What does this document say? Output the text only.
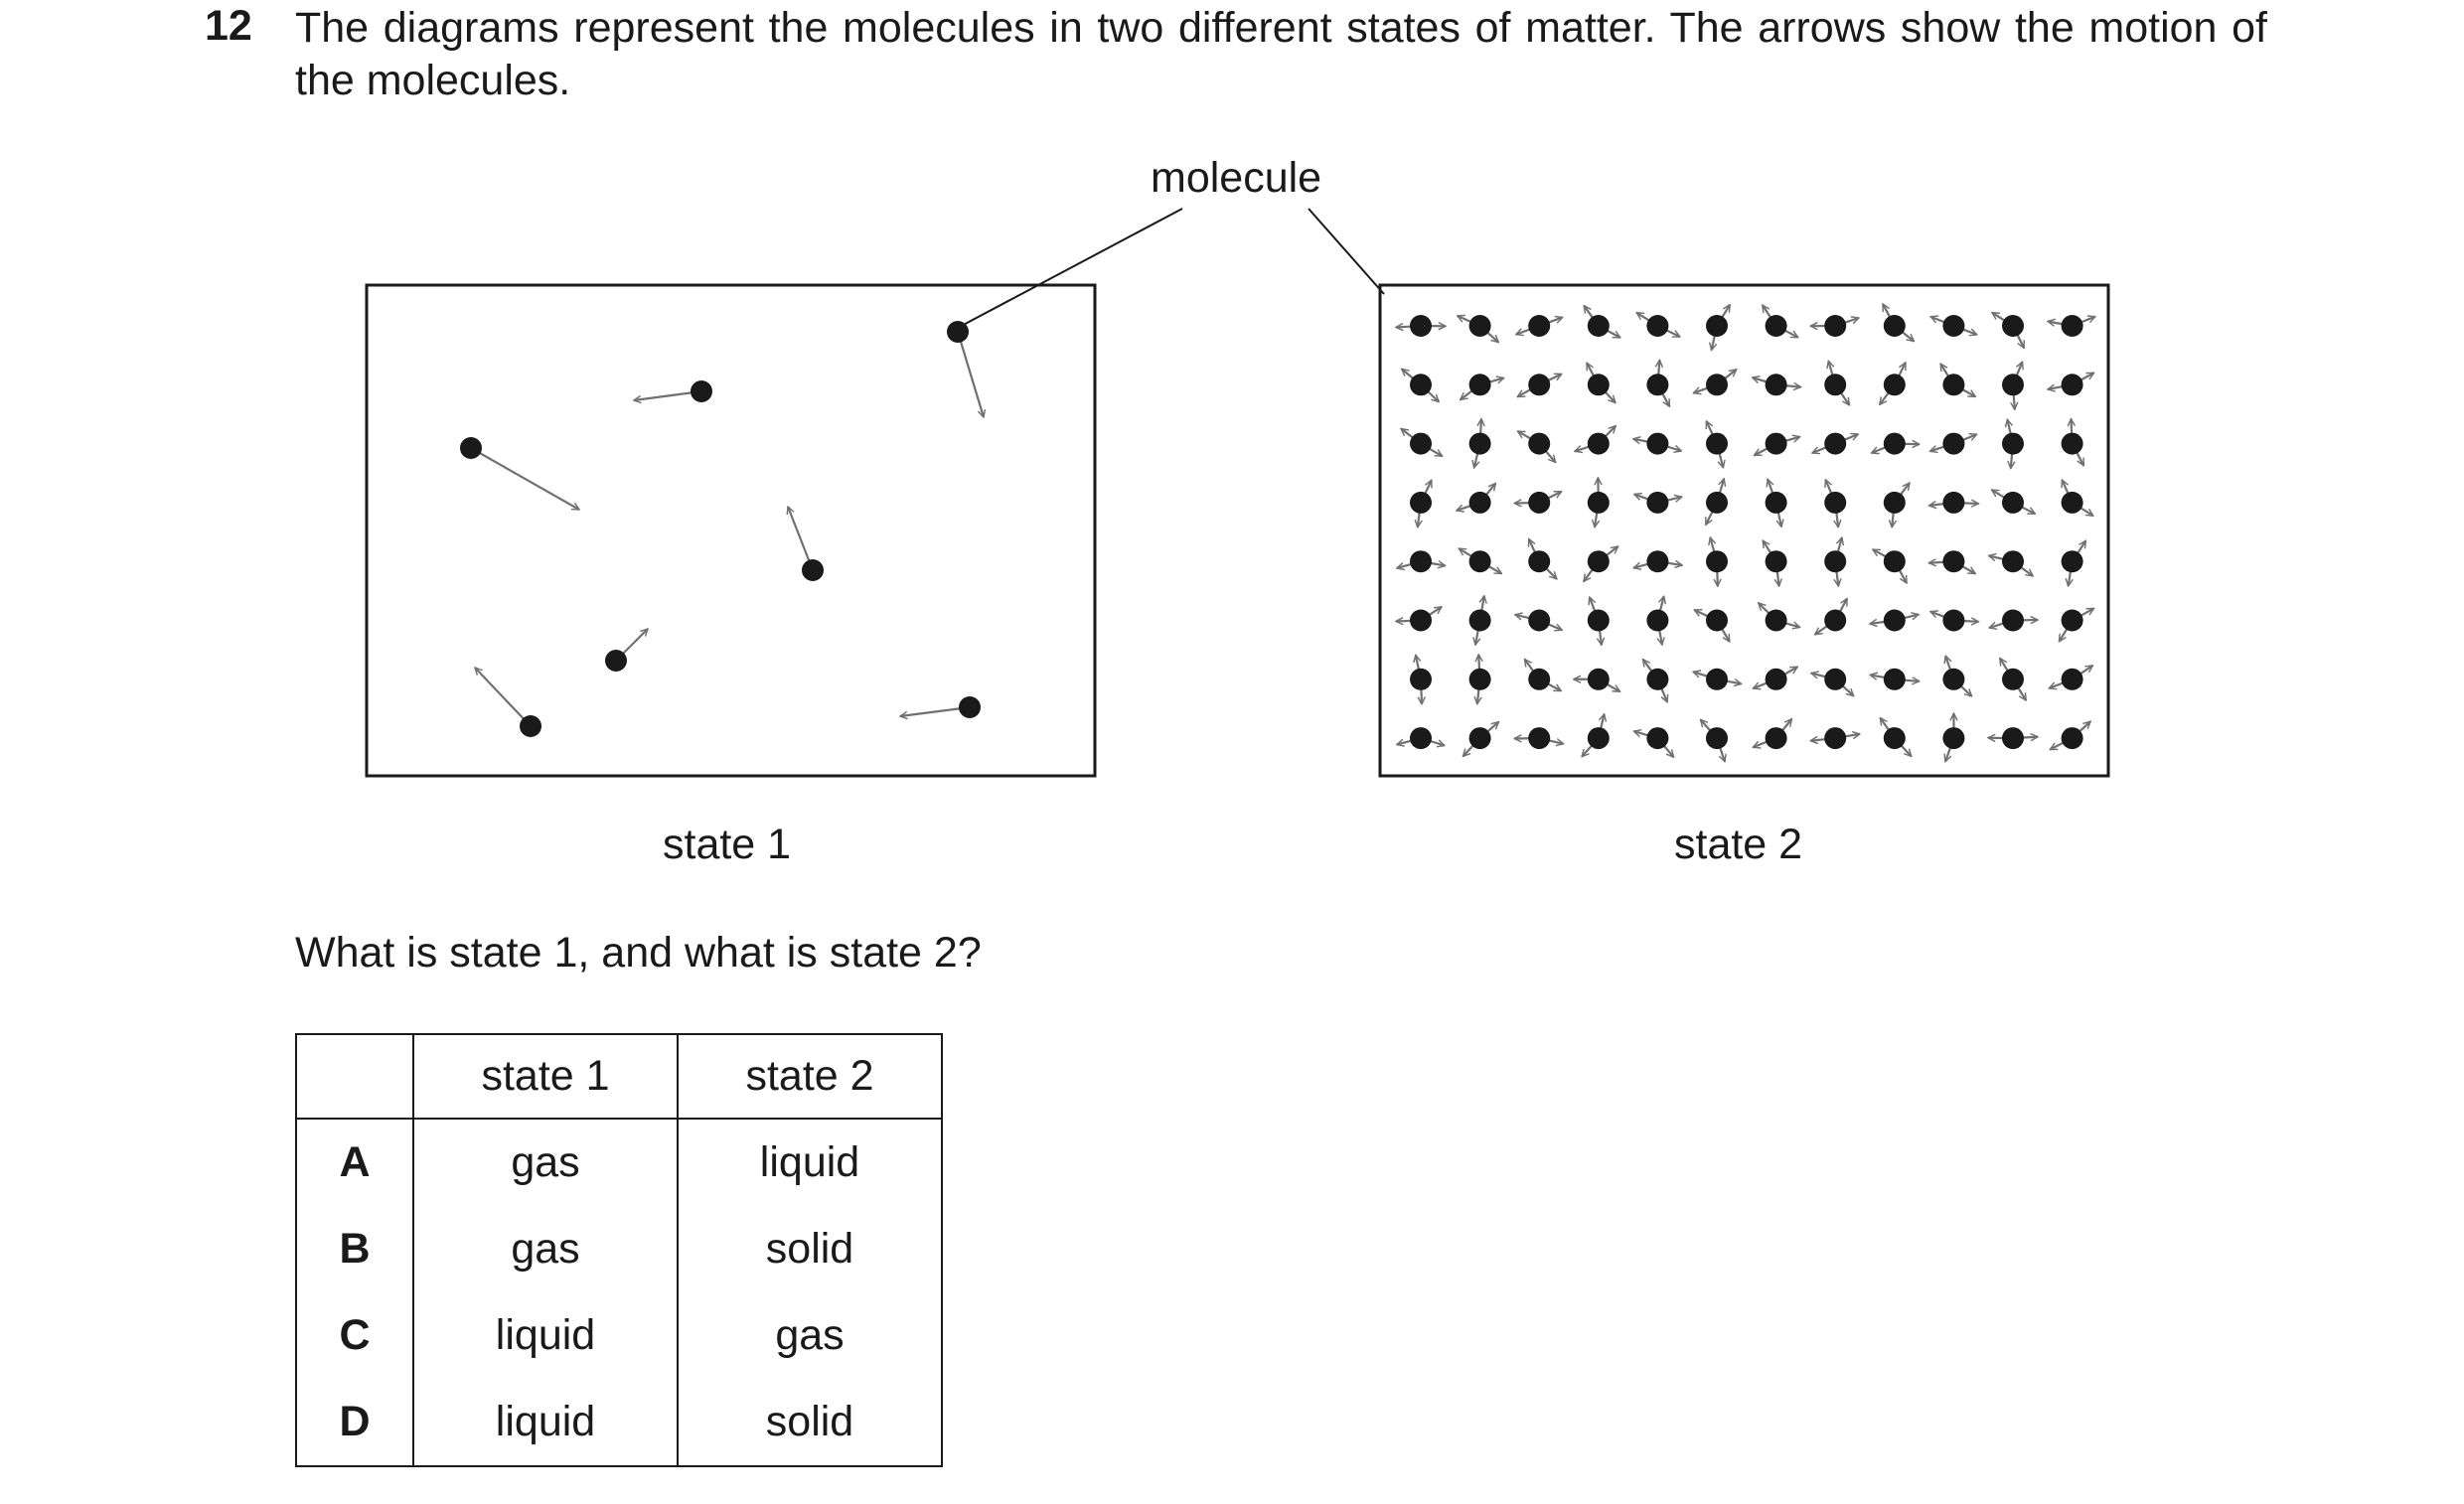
12 The diagrams represent the molecules in two different states of matter. The arrows show the motion of the molecules.
molecule
state 1	state 2
What is state 1, and what is state 2?
	state 1	state 2
A	gas	liquid
B	gas	solid
C	liquid	gas
D	liquid	solid
